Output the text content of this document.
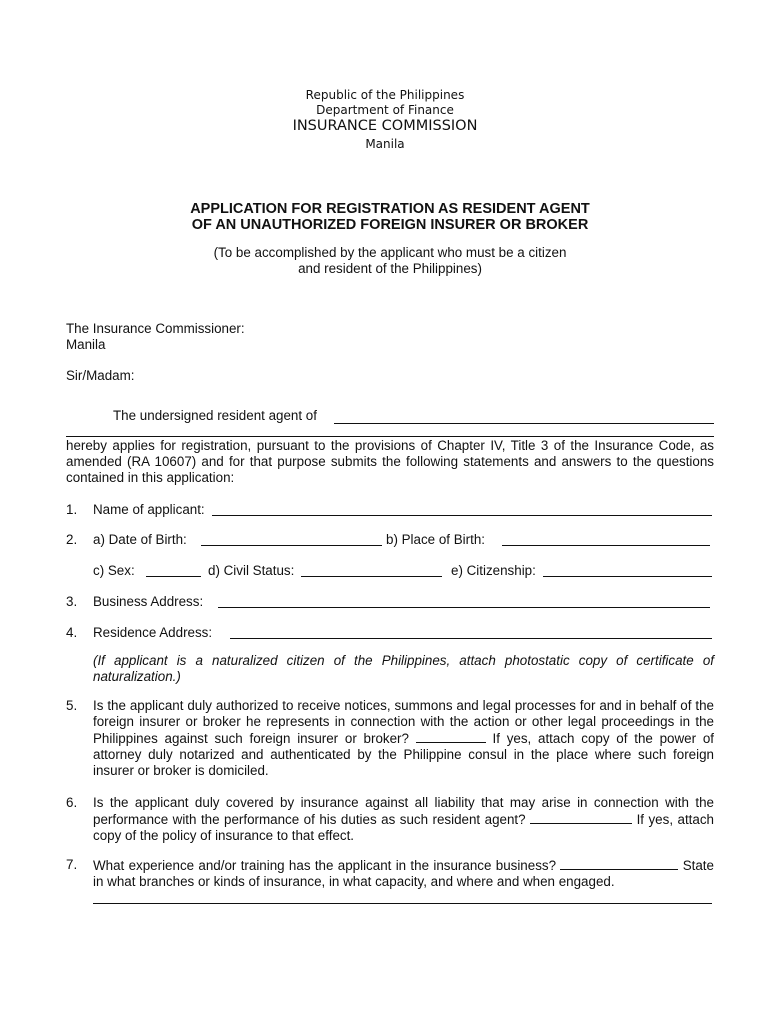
Republic of the Philippines
Department of Finance
INSURANCE COMMISSION
Manila
APPLICATION FOR REGISTRATION AS RESIDENT AGENT
OF AN UNAUTHORIZED FOREIGN INSURER OR BROKER
(To be accomplished by the applicant who must be a citizen
and resident of the Philippines)
The Insurance Commissioner:
Manila
Sir/Madam:
The undersigned resident agent of
hereby applies for registration, pursuant to the provisions of Chapter IV, Title 3 of the Insurance Code, as amended (RA 10607) and for that purpose submits the following statements and answers to the questions contained in this application:
1. Name of applicant:
2. a) Date of Birth:	b) Place of Birth:
c) Sex:	d) Civil Status:	e) Citizenship:
3. Business Address:
4. Residence Address:
(If applicant is a naturalized citizen of the Philippines, attach photostatic copy of certificate of naturalization.)
5. Is the applicant duly authorized to receive notices, summons and legal processes for and in behalf of the foreign insurer or broker he represents in connection with the action or other legal proceedings in the Philippines against such foreign insurer or broker?	If yes, attach copy of the power of attorney duly notarized and authenticated by the Philippine consul in the place where such foreign insurer or broker is domiciled.
6. Is the applicant duly covered by insurance against all liability that may arise in connection with the performance with the performance of his duties as such resident agent?	If yes, attach copy of the policy of insurance to that effect.
7. What experience and/or training has the applicant in the insurance business?	State in what branches or kinds of insurance, in what capacity, and where and when engaged.
